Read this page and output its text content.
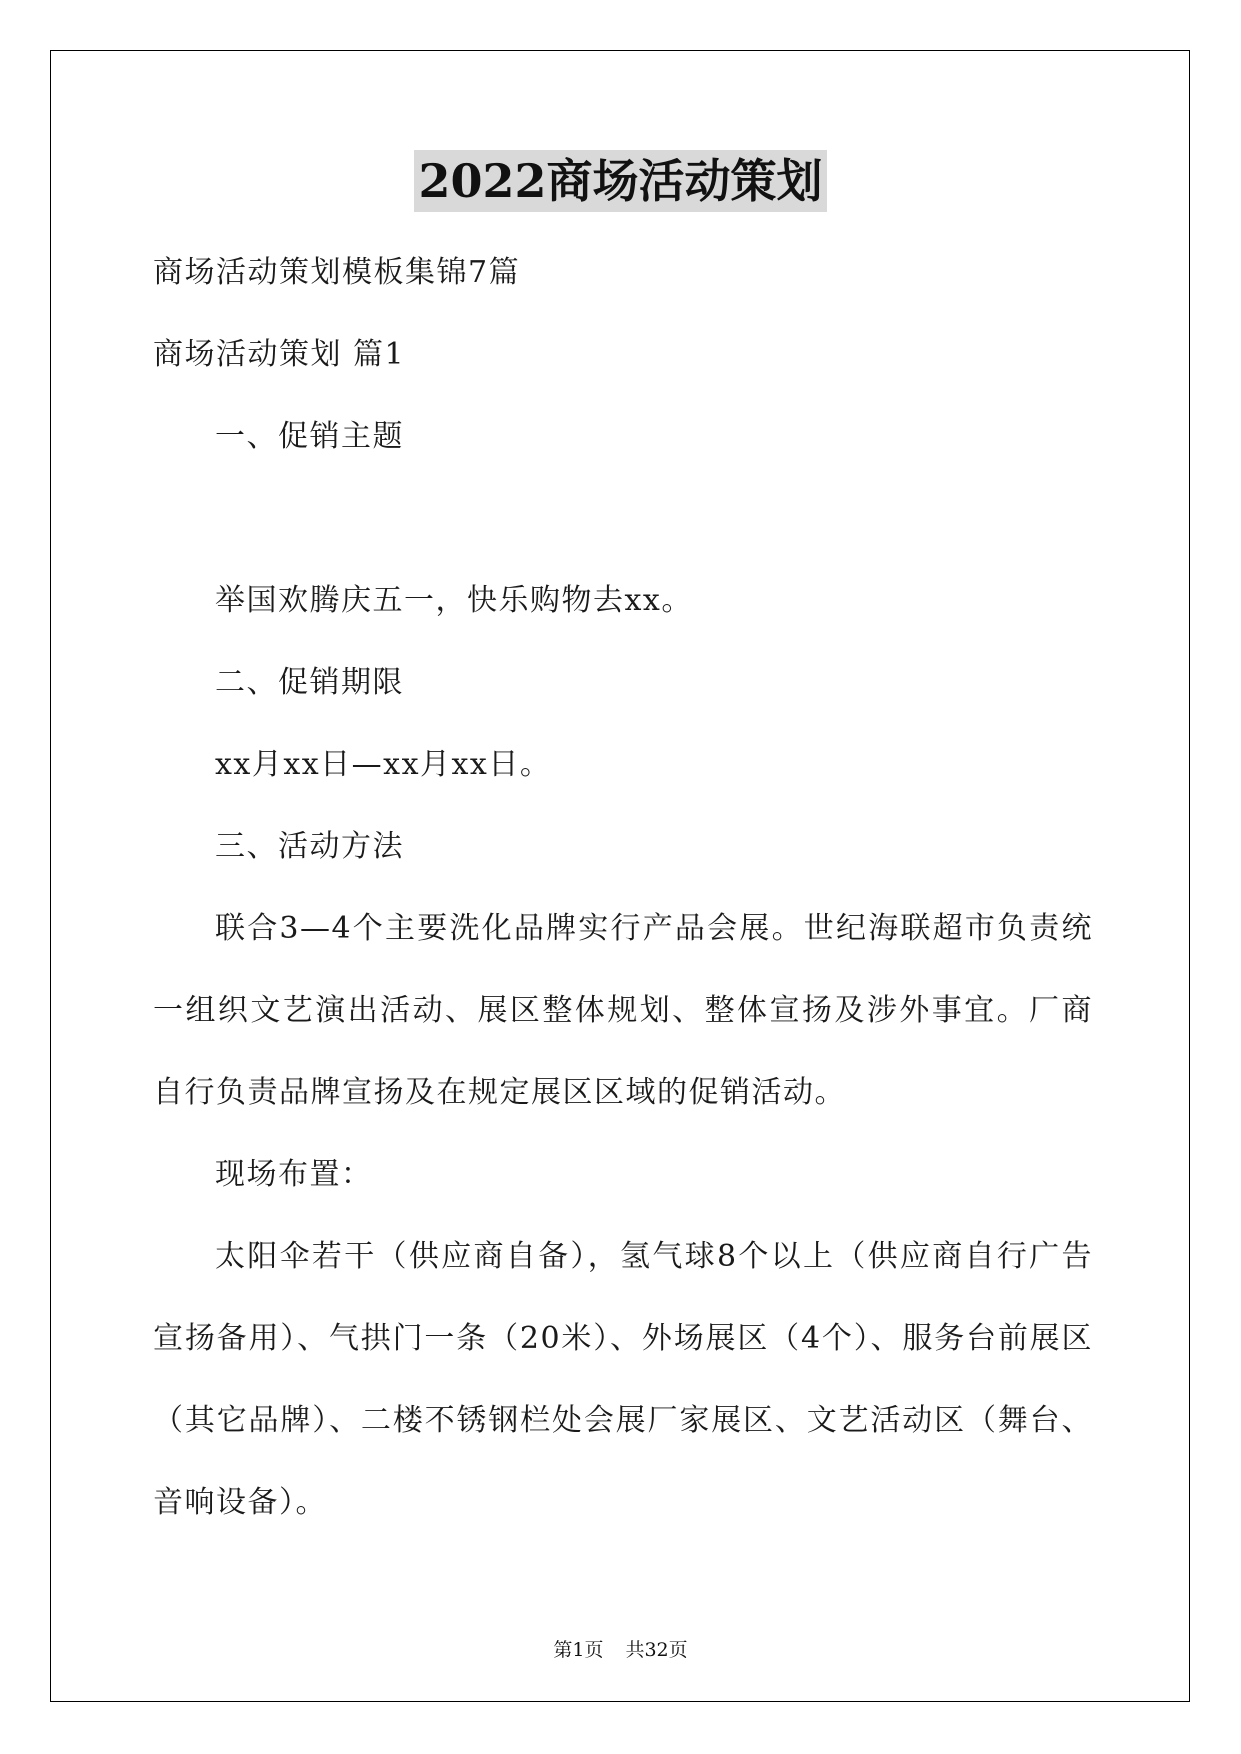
2022商场活动策划

商场活动策划模板集锦7篇

商场活动策划 篇1

一、促销主题

举国欢腾庆五一，快乐购物去xx。

二、促销期限

xx月xx日—xx月xx日。

三、活动方法

联合3—4个主要洗化品牌实行产品会展。世纪海联超市负责统一组织文艺演出活动、展区整体规划、整体宣扬及涉外事宜。厂商自行负责品牌宣扬及在规定展区区域的促销活动。

现场布置：

太阳伞若干（供应商自备），氢气球8个以上（供应商自行广告宣扬备用）、气拱门一条（20米）、外场展区（4个）、服务台前展区（其它品牌）、二楼不锈钢栏处会展厂家展区、文艺活动区（舞台、音响设备）。

第1页 共32页
